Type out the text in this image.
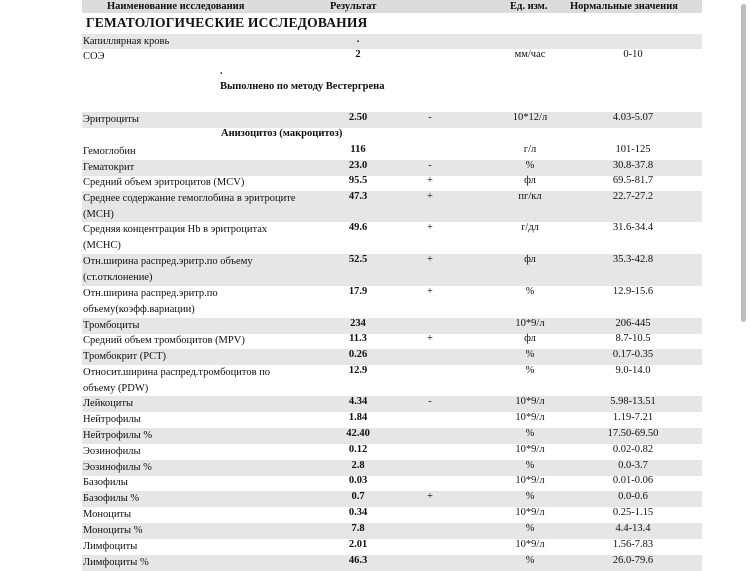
Наименование исследования	Результат	Ед. изм. Нормальные значения
ГЕМАТОЛОГИЧЕСКИЕ ИССЛЕДОВАНИЯ
Капиллярная кровь	.
СОЭ	2	мм/час	0-10
.
Выполнено по методу Вестергрена
Эритроциты	2.50	-	10*12/л	4.03-5.07
Гемоглобин	116	г/л	101-125
Гематокрит	23.0	-	%	30.8-37.8
Средний объем эритроцитов (MCV)	95.5	+	фл	69.5-81.7
Среднее содержание гемоглобина в эритроците (MCH)
47.3	+	пг/кл	22.7-27.2
Средняя концентрация Hb в эритроцитах (MCHC)
49.6	+	г/дл	31.6-34.4
Отн.ширина распред.эритр.по объему (ст.отклонение)
52.5	+	фл	35.3-42.8
Отн.ширина распред.эритр.по объему(коэфф.вариации)
17.9	+	%	12.9-15.6
Тромбоциты	234	10*9/л	206-445
Средний объем тромбоцитов (MPV)	11.3	+	фл	8.7-10.5
Тромбокрит (PCT)	0.26	%	0.17-0.35
Относит.ширина распред.тромбоцитов по объему (PDW)
12.9	%	9.0-14.0
Лейкоциты	4.34	-	10*9/л	5.98-13.51
Нейтрофилы	1.84	10*9/л	1.19-7.21
Нейтрофилы %	42.40	%	17.50-69.50
Эозинофилы	0.12	10*9/л	0.02-0.82
Эозинофилы %	2.8	%	0.0-3.7
Базофилы	0.03	10*9/л	0.01-0.06
Базофилы %	0.7	+	%	0.0-0.6
Моноциты	0.34	10*9/л	0.25-1.15
Моноциты %	7.8	%	4.4-13.4
Лимфоциты	2.01	10*9/л	1.56-7.83
Лимфоциты %	46.3	%	26.0-79.6
Анизоцитоз (макроцитоз)
